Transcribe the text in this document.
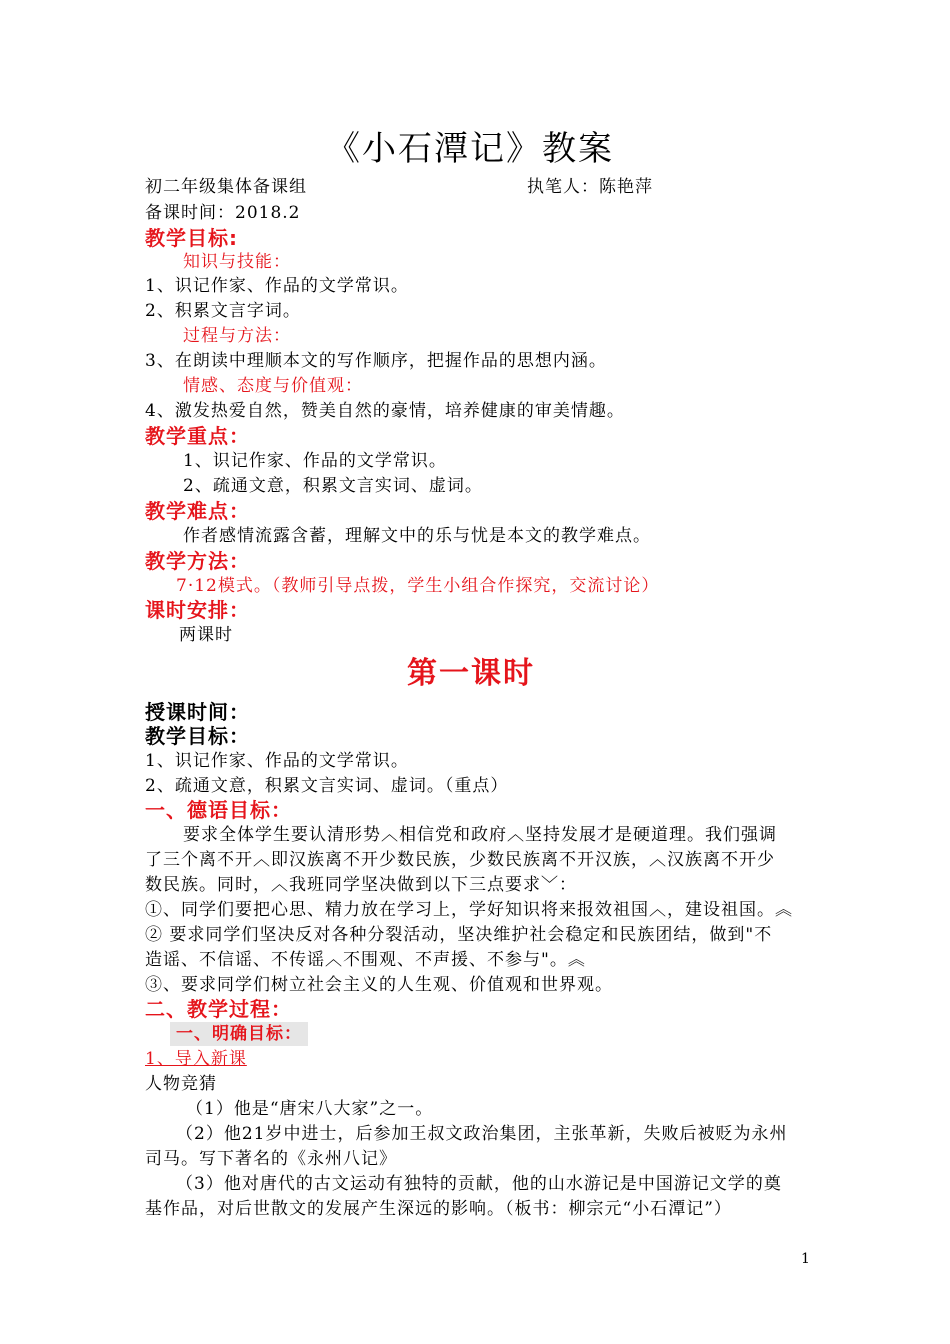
《小石潭记》教案
初二年级集体备课组	执笔人：陈艳萍
备课时间：2018.2
教学目标:
知识与技能：
1、识记作家、作品的文学常识。
2、积累文言字词。
过程与方法：
3、在朗读中理顺本文的写作顺序，把握作品的思想内涵。
情感、态度与价值观：
4、激发热爱自然，赞美自然的豪情，培养健康的审美情趣。
教学重点：
1、识记作家、作品的文学常识。
2、疏通文意，积累文言实词、虚词。
教学难点：
作者感情流露含蓄，理解文中的乐与忧是本文的教学难点。
教学方法：
7·12模式。（教师引导点拨，学生小组合作探究，交流讨论）
课时安排：
两课时
第一课时
授课时间：
教学目标：
1、识记作家、作品的文学常识。
2、疏通文意，积累文言实词、虚词。（重点）
一、德语目标：
要求全体学生要认清形势︿相信党和政府︿坚持发展才是硬道理。我们强调
了三个离不开︿即汉族离不开少数民族，少数民族离不开汉族，︿汉族离不开少
数民族。同时，︿我班同学坚决做到以下三点要求﹀：
①、同学们要把心思、精力放在学习上，学好知识将来报效祖国︿，建设祖国。︽
② 要求同学们坚决反对各种分裂活动，坚决维护社会稳定和民族团结，做到"不
造谣、不信谣、不传谣︿不围观、不声援、不参与"。︽
③、要求同学们树立社会主义的人生观、价值观和世界观。
二、教学过程：
一、明确目标：
1、导入新课
人物竞猜
（1）他是“唐宋八大家”之一。
（2）他21岁中进士，后参加王叔文政治集团，主张革新，失败后被贬为永州
司马。写下著名的《永州八记》
（3）他对唐代的古文运动有独特的贡献，他的山水游记是中国游记文学的奠
基作品，对后世散文的发展产生深远的影响。（板书：柳宗元“小石潭记”）
1
